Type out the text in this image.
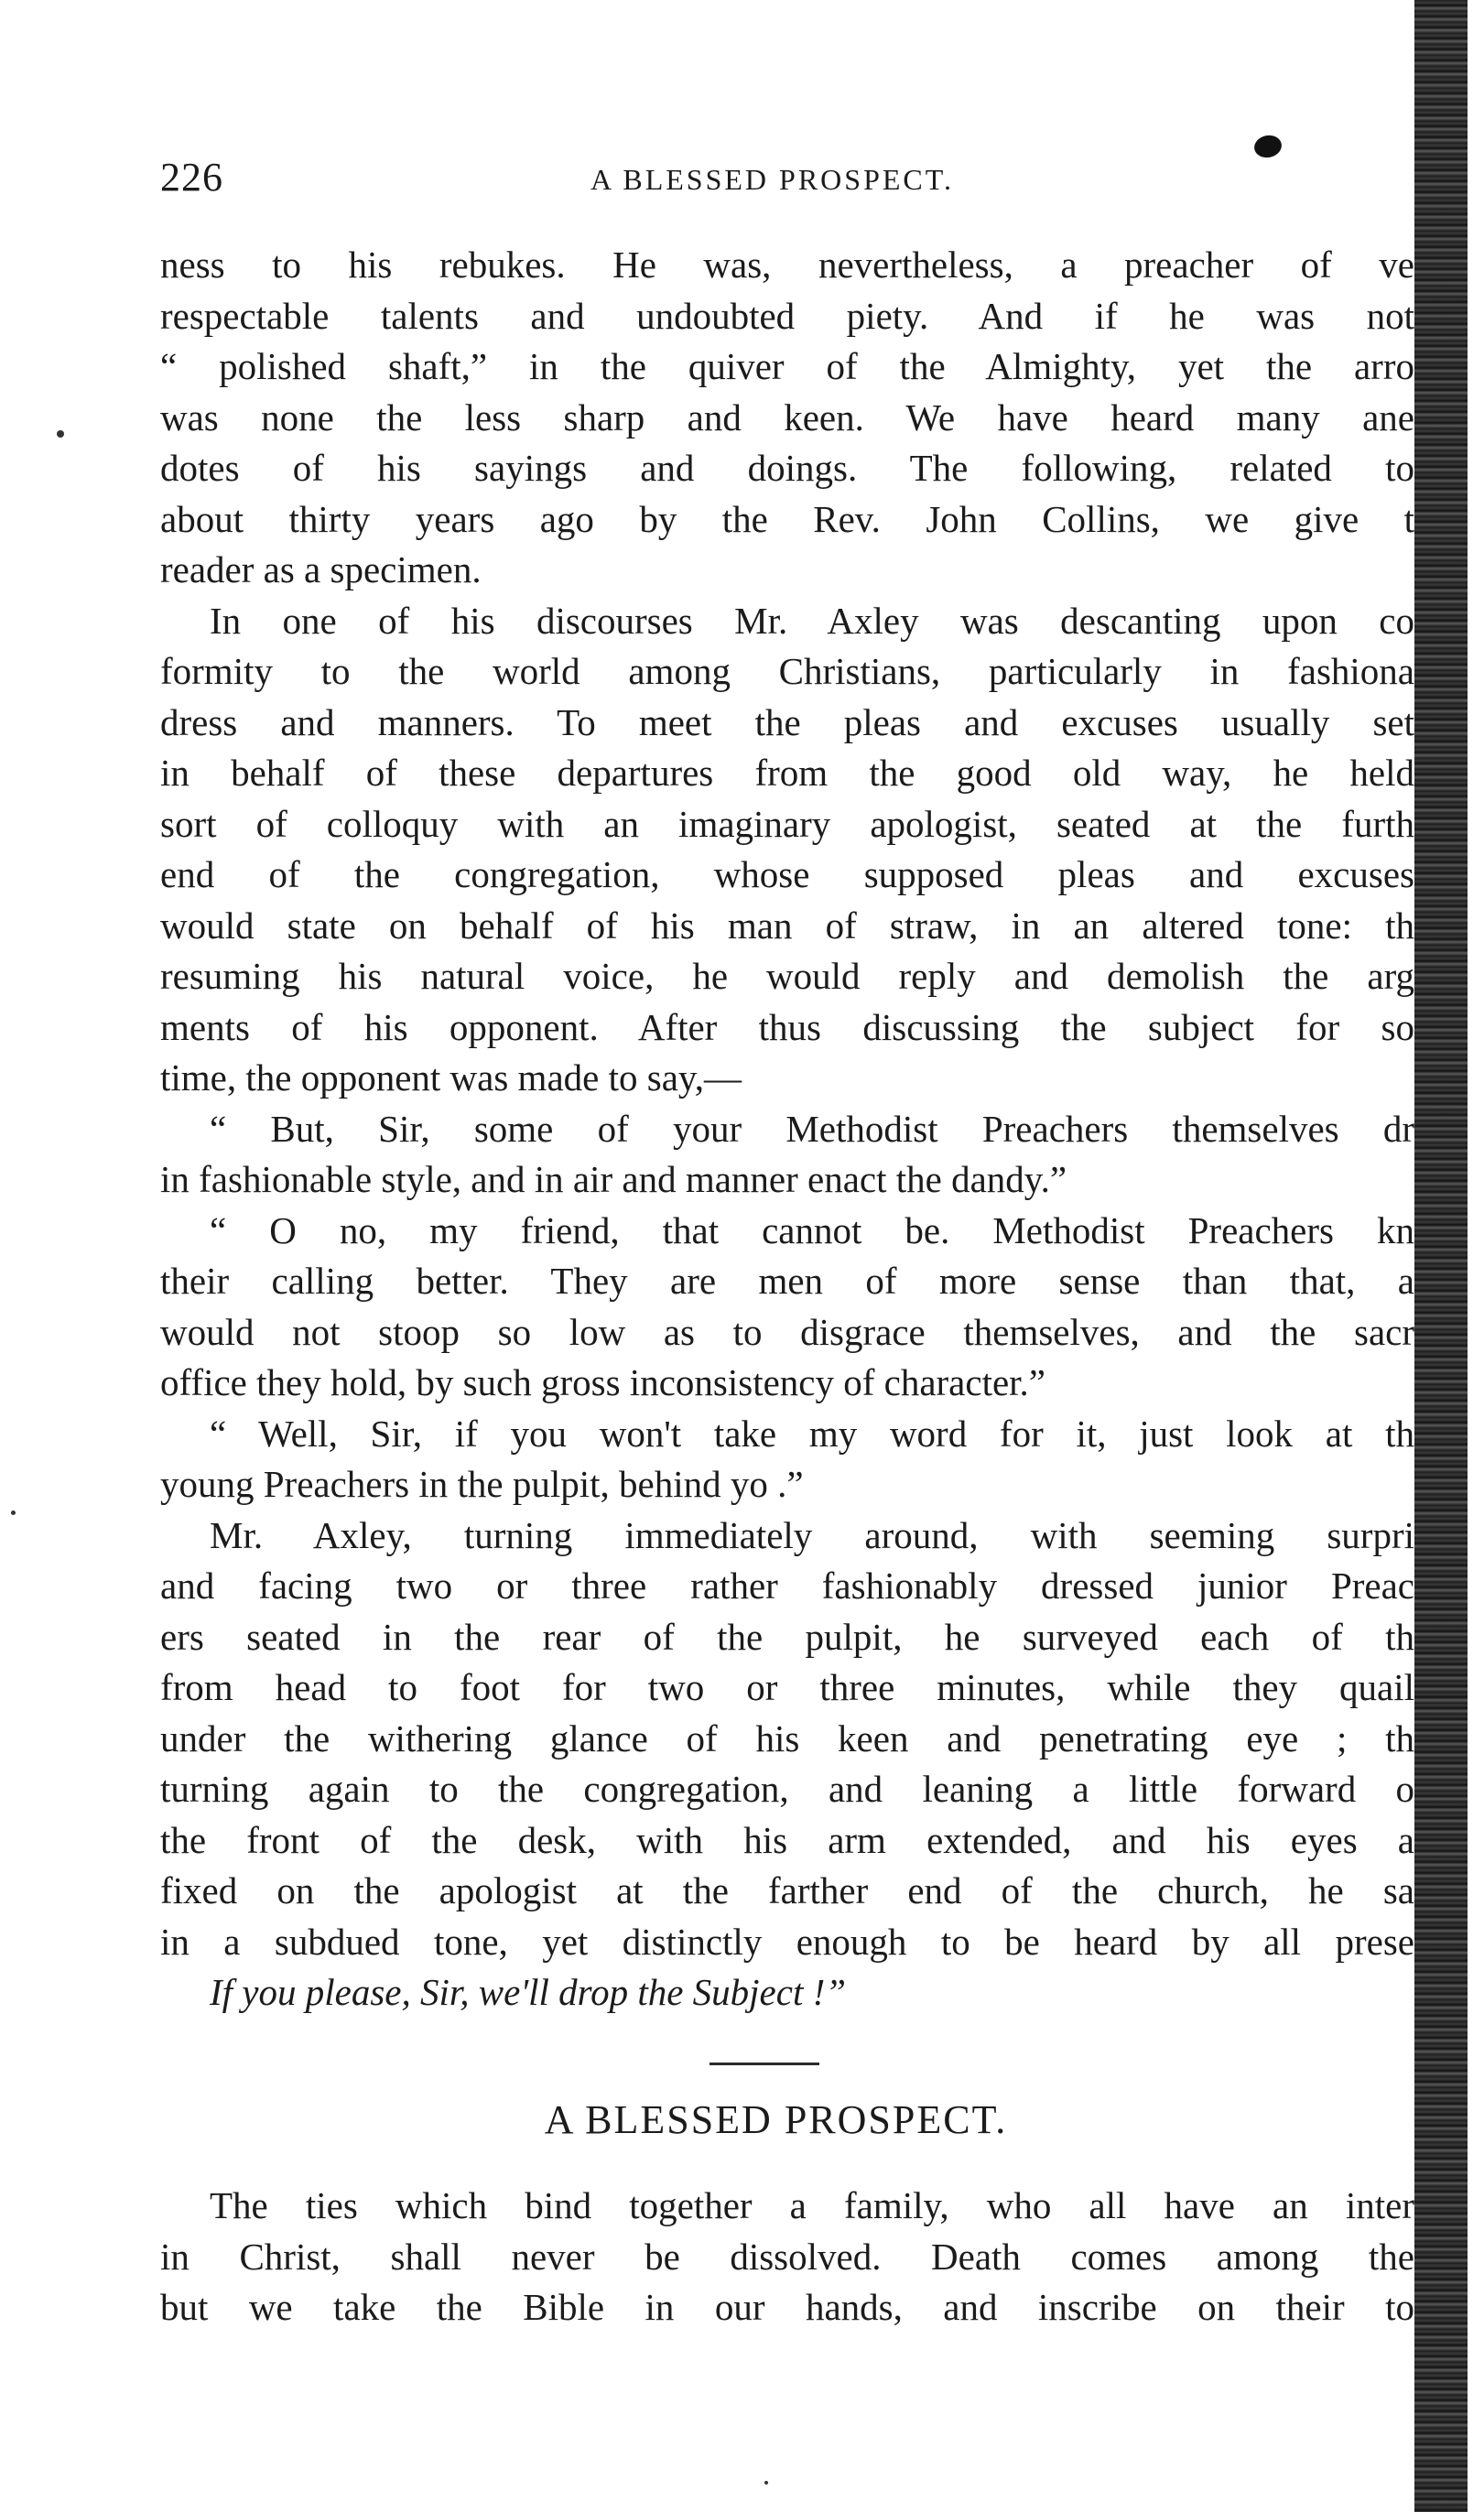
226	A BLESSED PROSPECT.
ness to his rebukes. He was, nevertheless, a preacher of ve
respectable talents and undoubted piety. And if he was not
“ polished shaft,” in the quiver of the Almighty, yet the arro
was none the less sharp and keen. We have heard many ane
dotes of his sayings and doings. The following, related to
about thirty years ago by the Rev. John Collins, we give t
reader as a specimen.
In one of his discourses Mr. Axley was descanting upon co
formity to the world among Christians, particularly in fashiona
dress and manners. To meet the pleas and excuses usually set
in behalf of these departures from the good old way, he held
sort of colloquy with an imaginary apologist, seated at the furth
end of the congregation, whose supposed pleas and excuses
would state on behalf of his man of straw, in an altered tone: th
resuming his natural voice, he would reply and demolish the arg
ments of his opponent. After thus discussing the subject for so
time, the opponent was made to say,—
“ But, Sir, some of your Methodist Preachers themselves dr
in fashionable style, and in air and manner enact the dandy.”
“ O no, my friend, that cannot be. Methodist Preachers kn
their calling better. They are men of more sense than that, a
would not stoop so low as to disgrace themselves, and the sacr
office they hold, by such gross inconsistency of character.”
“ Well, Sir, if you won't take my word for it, just look at th
young Preachers in the pulpit, behind yo .”
Mr. Axley, turning immediately around, with seeming surpri
and facing two or three rather fashionably dressed junior Preac
ers seated in the rear of the pulpit, he surveyed each of th
from head to foot for two or three minutes, while they quail
under the withering glance of his keen and penetrating eye ; th
turning again to the congregation, and leaning a little forward o
the front of the desk, with his arm extended, and his eyes a
fixed on the apologist at the farther end of the church, he sa
in a subdued tone, yet distinctly enough to be heard by all prese
If you please, Sir, we'll drop the Subject !”
A BLESSED PROSPECT.
The ties which bind together a family, who all have an inter
in Christ, shall never be dissolved. Death comes among the
but we take the Bible in our hands, and inscribe on their to
